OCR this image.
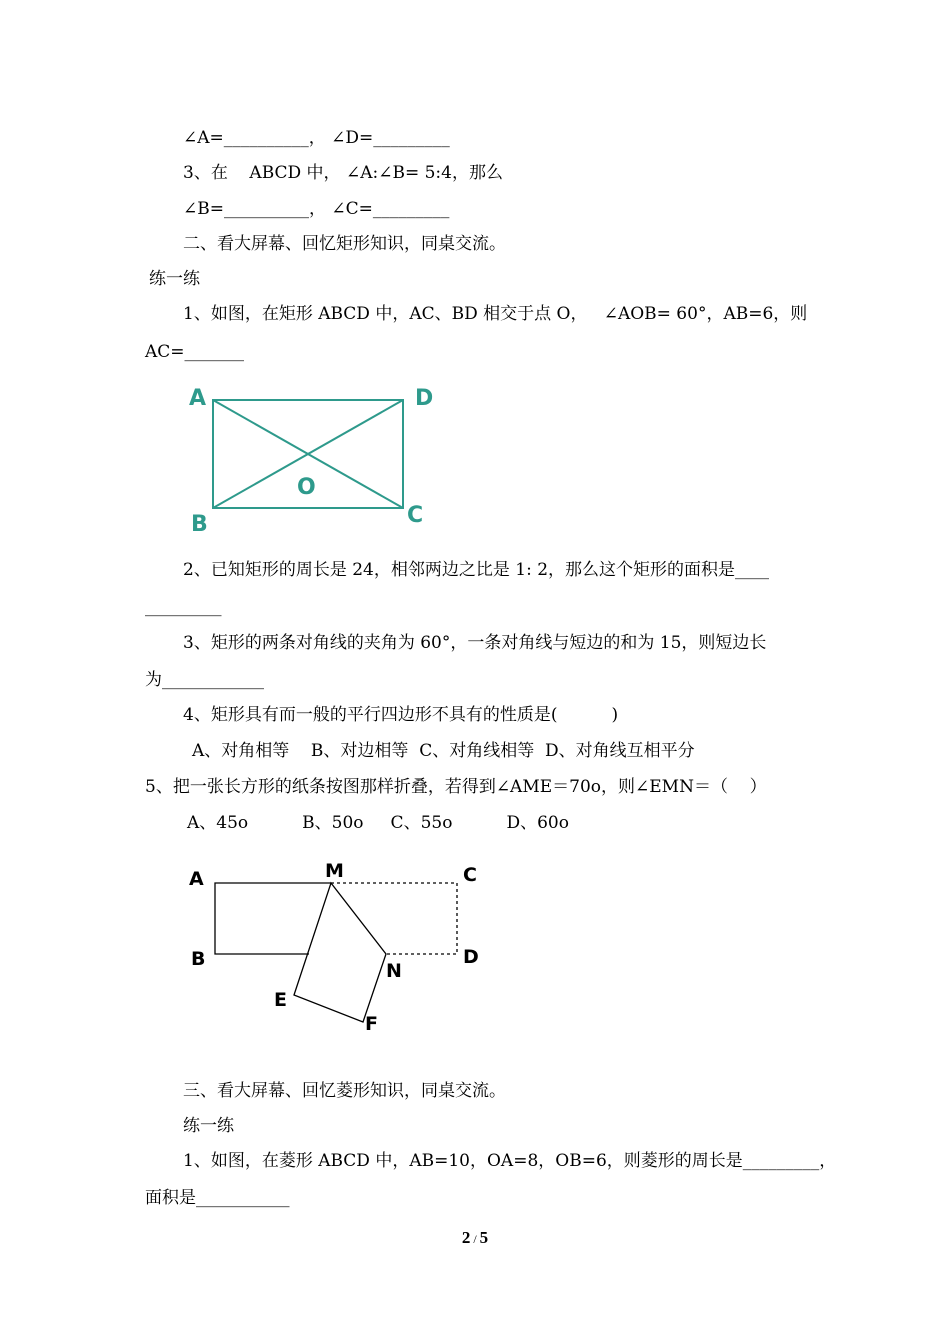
∠A=__________， ∠D=_________
3、在    ABCD 中， ∠A:∠B= 5:4，那么
∠B=__________， ∠C=_________
二、看大屏幕、回忆矩形知识，同桌交流。
练一练
1、如图，在矩形 ABCD 中，AC、BD 相交于点 O，   ∠AOB= 60°，AB=6，则
AC=_______
A	D
B	C
O
2、已知矩形的周长是 24，相邻两边之比是 1: 2，那么这个矩形的面积是____
_________
3、矩形的两条对角线的夹角为 60°，一条对角线与短边的和为 15，则短边长
为____________
4、矩形具有而一般的平行四边形不具有的性质是(          )
A、对角相等    B、对边相等  C、对角线相等  D、对角线互相平分
5、把一张长方形的纸条按图那样折叠，若得到∠AME＝70o，则∠EMN＝（    ）
A、45o          B、50o     C、55o          D、60o
A	M	C
B
N
D
E
F
三、看大屏幕、回忆菱形知识，同桌交流。
练一练
1、如图，在菱形 ABCD 中，AB=10，OA=8，OB=6，则菱形的周长是_________，
面积是___________
2 / 5
